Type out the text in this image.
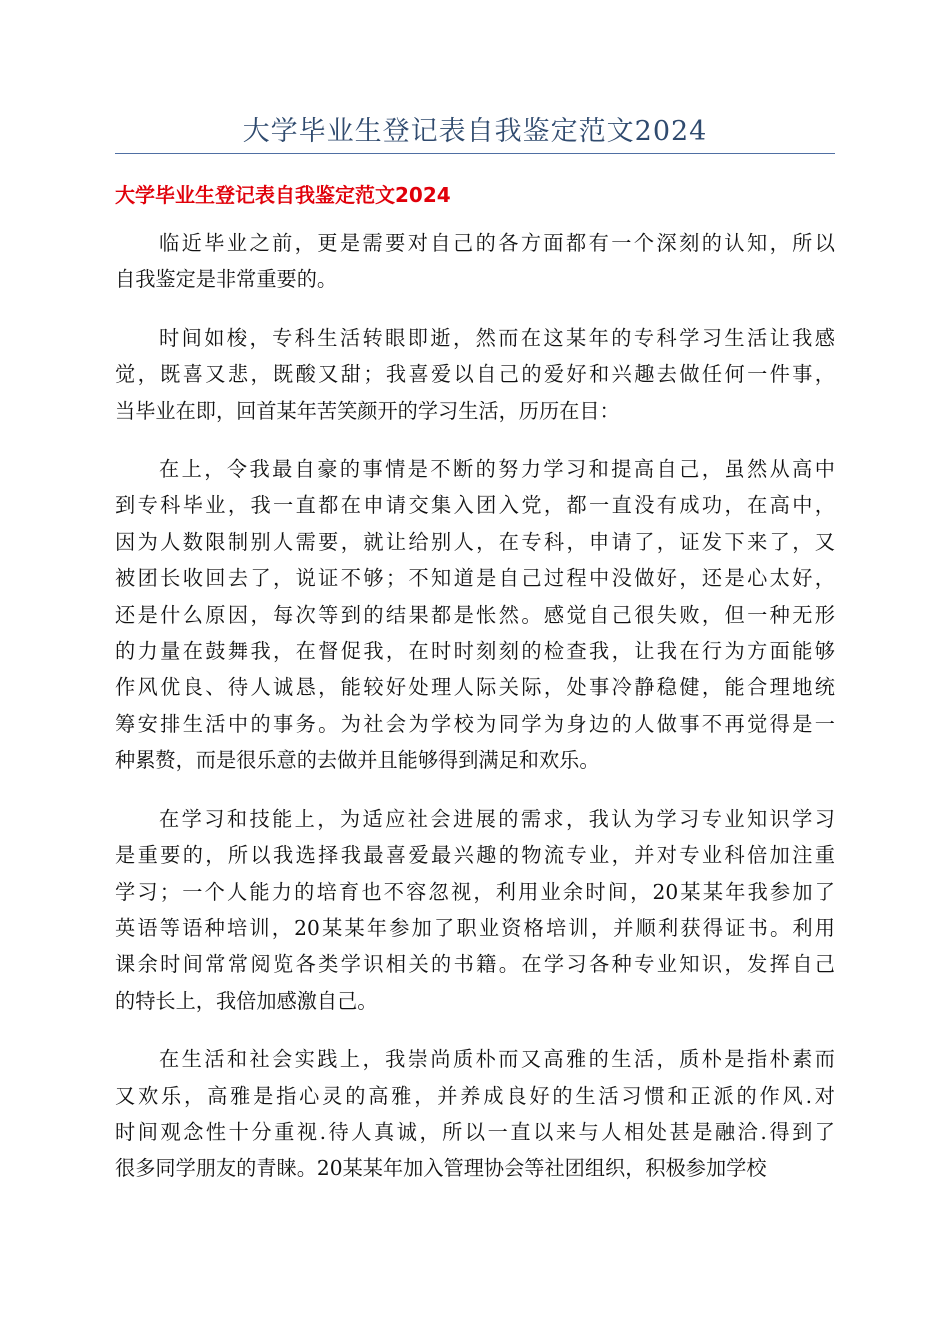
大学毕业生登记表自我鉴定范文2024
大学毕业生登记表自我鉴定范文2024

临近毕业之前，更是需要对自己的各方面都有一个深刻的认知，所以
自我鉴定是非常重要的。

时间如梭，专科生活转眼即逝，然而在这某年的专科学习生活让我感
觉，既喜又悲，既酸又甜；我喜爱以自己的爱好和兴趣去做任何一件事，
当毕业在即，回首某年苦笑颜开的学习生活，历历在目：

在上，令我最自豪的事情是不断的努力学习和提高自己，虽然从高中
到专科毕业，我一直都在申请交集入团入党，都一直没有成功，在高中，
因为人数限制别人需要，就让给别人，在专科，申请了，证发下来了，又
被团长收回去了，说证不够；不知道是自己过程中没做好，还是心太好，
还是什么原因，每次等到的结果都是怅然。感觉自己很失败，但一种无形
的力量在鼓舞我，在督促我，在时时刻刻的检查我，让我在行为方面能够
作风优良、待人诚恳，能较好处理人际关际，处事冷静稳健，能合理地统
筹安排生活中的事务。为社会为学校为同学为身边的人做事不再觉得是一
种累赘，而是很乐意的去做并且能够得到满足和欢乐。

在学习和技能上，为适应社会进展的需求，我认为学习专业知识学习
是重要的，所以我选择我最喜爱最兴趣的物流专业，并对专业科倍加注重
学习；一个人能力的培育也不容忽视，利用业余时间，20某某年我参加了
英语等语种培训，20某某年参加了职业资格培训，并顺利获得证书。利用
课余时间常常阅览各类学识相关的书籍。在学习各种专业知识，发挥自己
的特长上，我倍加感激自己。

在生活和社会实践上，我崇尚质朴而又高雅的生活，质朴是指朴素而
又欢乐，高雅是指心灵的高雅，并养成良好的生活习惯和正派的作风.对
时间观念性十分重视.待人真诚，所以一直以来与人相处甚是融洽.得到了
很多同学朋友的青睐。20某某年加入管理协会等社团组织，积极参加学校
